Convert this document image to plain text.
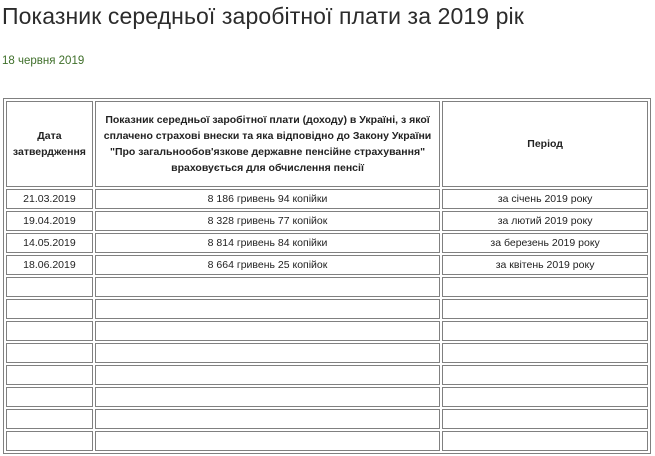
Показник середньої заробітної плати за 2019 рік
18 червня 2019
Дата затвердження	Показник середньої заробітної плати (доходу) в Україні, з якої сплачено страхові внески та яка відповідно до Закону України "Про загальнообов'язкове державне пенсійне страхування" враховується для обчислення пенсії	Період
21.03.2019	8 186 гривень 94 копійки	за січень 2019 року
19.04.2019	8 328 гривень 77 копійок	за лютий 2019 року
14.05.2019	8 814 гривень 84 копійки	за березень 2019 року
18.06.2019	8 664 гривень 25 копійок	за квітень 2019 року
